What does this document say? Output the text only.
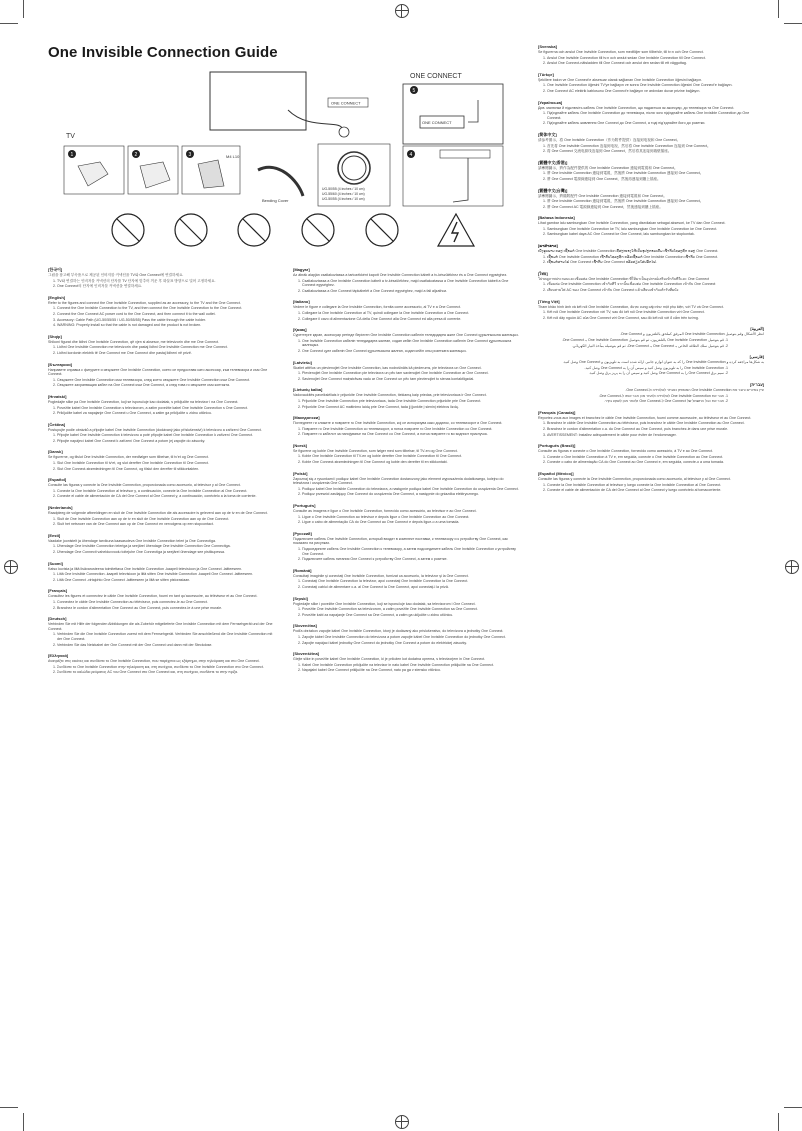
One Invisible Connection Guide
TV
ONE CONNECT
ONE CONNECT
ONE CONNECT
5
1	2	3	M4 L10
Bending Cover
UG-50/55 (4 inches / 10 cm)
UG-55/60 (4 inches / 10 cm)
UG-50/55 (4 inches / 10 cm)
4
[한국어]

그림을 참고해 부속품으로 제공된 인비저블 커넥션을 TV와 One Connect에 연결하세요.

1. TV와 연결하는 인비저블 커넥션의 단자를 TV 단자에 맞추어 끼운 후 화살표 방향으로 밀어 고정하세요.
2. One Connect의 단자에 인비저블 커넥션을 연결하세요.
[English]

Refer to the figures and connect the One Invisible Connection, supplied as an accessory, to the TV and the One Connect.

1. Connect the One Invisible Connection to the TV, and then connect the One Invisible Connection to the One Connect.
2. Connect the One Connect AC power cord to the One Connect, and then connect it to the wall outlet.
3. Accessory: Cable Path (UG-50/55/55 / UG-50/55/55) Pass the cable through the cable holder.
4. WARNING: Properly install so that the cable is not damaged and the product is not broken.
[Shqip]

Shikoni figurat dhe lidhni One Invisible Connection, që vjen si aksesor, me televizorin dhe me One Connect.

1. Lidhni One Invisible Connection me televizorin dhe pastaj lidhni One Invisible Connection me One Connect.
2. Lidhni kordonin elektrik të One Connect me One Connect dhe pastaj lidheni në prizë.
[Български]

Направете справка с фигурите и свържете One Invisible Connection, което се предоставя като аксесоар, към телевизора и към One Connect.

1. Свържете One Invisible Connection към телевизора, след което свържете One Invisible Connection към One Connect.
2. Свържете захранващия кабел на One Connect към One Connect, а след това го свържете към контакта.
[Hrvatski]

Pogledajte slike pa One Invisible Connection, koji se isporučuje kao dodatak, s priključite na televizor i na One Connect.

1. Povežite kabel One Invisible Connection s televizorom, a zatim povežite kabel One Invisible Connection s One Connect.
2. Priključite kabel za napajanje One Connect u One Connect, a zatim ga priključite u zidnu utičnicu.
[Čeština]

Postupujte podle obrázků a připojte kabel One Invisible Connection (dodávaný jako příslušenství) k televizoru a zařízení One Connect.

1. Připojte kabel One Invisible Connection k televizoru a poté připojte kabel One Invisible Connection k zařízení One Connect.
2. Připojte napájecí kabel One Connect k zařízení One Connect a potom jej zapojte do zásuvky.
[Dansk]

Se figurerne, og tilslut One Invisible Connection, der medfølger som tilbehør, til tv'et og One Connect.

1. Slut One Invisible Connection til tv'et, og slut derefter One Invisible Connection til One Connect.
2. Slut One Connect-strømledningen til One Connect, og tilslut den derefter til stikkontakten.
[Español]

Consulte las figuras y conecte la One Invisible Connection, proporcionada como accesorio, al televisor y al One Connect.

1. Conecte la One Invisible Connection al televisor y, a continuación, conecte la One Invisible Connection al One Connect.
2. Conecte el cable de alimentación de CA del One Connect al One Connect y, a continuación, conéctelo a la toma de corriente.
[Nederlands]

Raadpleeg de volgende afbeeldingen en sluit de One Invisible Connection die als accessoire is geleverd aan op de tv en de One Connect.

1. Sluit de One Invisible Connection aan op de tv en sluit de One Invisible Connection aan op de One Connect.
2. Sluit het netsnoer van de One Connect aan op de One Connect en vervolgens op een stopcontact.
[Eesti]

Vaadake joonistelt ja ühendage tarvikuna kaasasoleva One Invisible Connection teleri ja One Connectiga.

1. Ühendage One Invisible Connection teleriga ja seejärel ühendage One Invisible Connection One Connectiga.
2. Ühendage One Connecti vahelduvvoolu toitejuhe One Connectiga ja seejärel ühendage see pistikupessa.
[Suomi]

Katso kuvista ja liitä lisävarusteena toimitettava One Invisible Connection -kaapeli televisioon ja One Connect -laitteeseen.

1. Liitä One Invisible Connection -kaapeli televisioon ja liitä sitten One Invisible Connection -kaapeli One Connect -laitteeseen.
2. Liitä One Connect -virtajohto One Connect -laitteeseen ja liitä se sitten pistorasiaan.
[Français]

Consultez les figures et connectez le câble One Invisible Connection, fourni en tant qu'accessoire, au téléviseur et au One Connect.

1. Connectez le câble One Invisible Connection au téléviseur, puis connectez-le au One Connect.
2. Branchez le cordon d'alimentation One Connect au One Connect, puis connectez-le à une prise murale.
[Deutsch]

Verbinden Sie mit Hilfe der folgenden Abbildungen die als Zubehör mitgelieferte One Invisible Connection mit dem Fernsehgerät und der One Connect.

1. Verbinden Sie die One Invisible Connection zuerst mit dem Fernsehgerät. Verbinden Sie anschließend die One Invisible Connection mit der One Connect.
2. Verbinden Sie das Netzkabel der One Connect mit der One Connect und dann mit der Steckdose.
[Ελληνικά]

Ανατρέξτε στις εικόνες και συνδέστε το One Invisible Connection, που παρέχεται ως εξάρτημα, στην τηλεόραση και στο One Connect.

1. Συνδέστε το One Invisible Connection στην τηλεόραση και, στη συνέχεια, συνδέστε το One Invisible Connection στο One Connect.
2. Συνδέστε το καλώδιο ρεύματος AC του One Connect στο One Connect και, στη συνέχεια, συνδέστε το στην πρίζα.
[Magyar]

Az ábrák alapján csatlakoztassa a tartozékként kapott One Invisible Connection kábelt a tv-készülékhez és a One Connect egységhez.

1. Csatlakoztassa a One Invisible Connection kábelt a tv-készülékhez, majd csatlakoztassa a One Invisible Connection kábelt a One Connect egységhez.
2. Csatlakoztassa a One Connect tápkábelét a One Connect egységhez, majd a fali aljzathoz.
[Italiano]

Vedere le figure e collegare la One Invisible Connection, fornita come accessorio, al TV e a One Connect.

1. Collegare la One Invisible Connection al TV, quindi collegare la One Invisible Connection a One Connect.
2. Collegare il cavo di alimentazione CA della One Connect alla One Connect ed alla presa di corrente.
[Қазақ]

Суреттерге қарап, аксессуар ретінде берілген One Invisible Connection кабелін теледидарға және One Connect құрылғысына жалғаңыз.

1. One Invisible Connection кабелін теледидарға жалғап, содан кейін One Invisible Connection кабелін One Connect құрылғысына жалғаңыз.
2. One Connect қуат кабелін One Connect құрылғысына жалғап, содан кейін оны розеткаға жалғаңыз.
[Latviešu]

Skatiet attēlus un pievienojiet One Invisible Connection, kas nodrošināts kā piederums, pie televizora un One Connect.

1. Pievienojiet One Invisible Connection pie televizora un pēc tam savienojiet One Invisible Connection ar One Connect.
2. Savienojiet One Connect maiņstrāvas vadu ar One Connect un pēc tam pievienojiet to sienas kontaktligzdai.
[Lietuvių kalba]

Vadovaukitės paveikslėliais ir prijunkite One Invisible Connection, tiekiamą kaip priedas, prie televizoriaus ir One Connect.

1. Prijunkite One Invisible Connection prie televizoriaus, tada One Invisible Connection prijunkite prie One Connect.
2. Prijunkite One Connect AC maitinimo laidą prie One Connect, tada jį įjunkite į sieninį elektros lizdą.
[Македонски]

Погледнете ги сликите и поврзете го One Invisible Connection, кој се испорачува како додаток, со телевизорот и One Connect.

1. Поврзете го One Invisible Connection со телевизорот, а потоа поврзете го One Invisible Connection со One Connect.
2. Поврзете го кабелот за напојување на One Connect со One Connect, а потоа поврзете го во ѕидниот приклучок.
[Norsk]

Se figurene og koble One Invisible Connection, som følger med som tilbehør, til TV-en og One Connect.

1. Koble One Invisible Connection til TV-en og koble deretter One Invisible Connection til One Connect.
2. Koble One Connect-strømledningen til One Connect og koble den deretter til en stikkontakt.
[Polski]

Zapoznaj się z rysunkami i podłącz kabel One Invisible Connection dostarczony jako element wyposażenia dodatkowego, kolejno do telewizora i urządzenia One Connect.

1. Podłącz kabel One Invisible Connection do telewizora, a następnie podłącz kabel One Invisible Connection do urządzenia One Connect.
2. Podłącz przewód zasilający One Connect do urządzenia One Connect, a następnie do gniazdka elektrycznego.
[Português]

Consulte as imagens e ligue o One Invisible Connection, fornecido como acessório, ao televisor e ao One Connect.

1. Ligue o One Invisible Connection ao televisor e depois ligue o One Invisible Connection ao One Connect.
2. Ligue o cabo de alimentação CA do One Connect ao One Connect e depois ligue-o a uma tomada.
[Русский]

Подключите кабель One Invisible Connection, который входит в комплект поставки, к телевизору и к устройству One Connect, как показано на рисунках.

1. Подсоедините кабель One Invisible Connection к телевизору, а затем подсоедините кабель One Invisible Connection к устройству One Connect.
2. Подключите кабель питания One Connect к устройству One Connect, а затем к розетке.
[Română]

Consultaţi imaginile şi conectaţi One Invisible Connection, furnizat ca accesoriu, la televizor şi la One Connect.

1. Conectaţi One Invisible Connection la televizor, apoi conectaţi One Invisible Connection la One Connect.
2. Conectaţi cablul de alimentare c.a. al One Connect la One Connect, apoi conectaţi-l la priză.
[Srpski]

Pogledajte slike i povežite One Invisible Connection, koji se isporučuje kao dodatak, sa televizorom i One Connect.

1. Povežite One Invisible Connection sa televizorom, a zatim povežite One Invisible Connection sa One Connect.
2. Povežite kabl za napajanje One Connect sa One Connect, a zatim ga uključite u zidnu utičnicu.
[Slovenčina]

Podľa obrázkov zapojte kábel One Invisible Connection, ktorý je dodávaný ako príslušenstvo, do televízora a jednotky One Connect.

1. Zapojte kábel One Invisible Connection do televízora a potom zapojte kábel One Invisible Connection do jednotky One Connect.
2. Zapojte napájací kábel jednotky One Connect do jednotky One Connect a potom do elektrickej zásuvky.
[Slovenščina]

Glejte slike in povežite kabel One Invisible Connection, ki je priložen kot dodatna oprema, s televizorjem in One Connect.

1. Kabel One Invisible Connection priključite na televizor in nato kabel One Invisible Connection priključite na One Connect.
2. Napajalni kabel One Connect priključite na One Connect, nato pa ga v stensko vtičnico.
[Svenska]

Se figurerna och anslut One Invisible Connection, som medföljer som tillbehör, till tv:n och One Connect.

1. Anslut One Invisible Connection till tv:n och anslut sedan One Invisible Connection till One Connect.
2. Anslut One Connect-nätsladden till One Connect och anslut den sedan till ett vägguttag.
[Türkçe]

Şekillere bakın ve One Connect'e aksesuar olarak sağlanan One Invisible Connection öğesini bağlayın.

1. One Invisible Connection öğesini TV'ye bağlayın ve sonra One Invisible Connection öğesini One Connect'e bağlayın.
2. One Connect AC elektrik kablosunu One Connect'e bağlayın ve ardından duvar prizine bağlayın.
[Українська]

Див. малюнки й підключіть кабель One Invisible Connection, що надається як аксесуар, до телевізора та One Connect.

1. Під'єднайте кабель One Invisible Connection до телевізора, після чого під'єднайте кабель One Invisible Connection до One Connect.
2. Під'єднайте кабель живлення One Connect до One Connect, а тоді під'єднайте його до розетки.
[简体中文]

请参考图示，将 One Invisible Connection（作为附件提供）连接到电视和 One Connect。

1. 首先将 One Invisible Connection 连接到电视，然后将 One Invisible Connection 连接到 One Connect。
2. 将 One Connect 交流电源线连接到 One Connect，然后将其连接到墙壁插座。
[繁體中文(香港)]

請參閱圖示，將作為配件提供的 One Invisible Connection 連接到電視和 One Connect。

1. 將 One Invisible Connection 連接到電視，然後將 One Invisible Connection 連接到 One Connect。
2. 將 One Connect 電源線連接到 One Connect，然後再連接到牆上插座。
[繁體中文(台灣)]

請參閱圖示，將隨附配件 One Invisible Connection 連接到電視和 One Connect。

1. 將 One Invisible Connection 連接到電視，然後將 One Invisible Connection 連接到 One Connect。
2. 將 One Connect AC 電源線連接到 One Connect，然後連接到牆上插座。
[Bahasa Indonesia]

Lihat gambar lalu sambungkan One Invisible Connection, yang disediakan sebagai aksesori, ke TV dan One Connect.

1. Sambungkan One Invisible Connection ke TV, lalu sambungkan One Invisible Connection ke One Connect.
2. Sambungkan kabel daya AC One Connect ke One Connect, lalu sambungkan ke stopkontak.
[ພາສາລາວ]

ເບິ່ງຮູບພາບ ແລະ ເຊື່ອມຕໍ່ One Invisible Connection ທີ່ສະໜອງໃຫ້ເປັນອຸປະກອນເສີມ ເຂົ້າກັບໂທລະທັດ ແລະ One Connect.

1. ເຊື່ອມຕໍ່ One Invisible Connection ເຂົ້າກັບໂທລະທັດ ແລ້ວເຊື່ອມຕໍ່ One Invisible Connection ເຂົ້າກັບ One Connect.
2. ເຊື່ອມຕໍ່ສາຍໄຟ One Connect ເຂົ້າກັບ One Connect ແລ້ວສຽບໃສ່ປລັກໄຟ.
[ไทย]

โปรดดูภาพประกอบและเชื่อมต่อ One Invisible Connection ที่ให้มาเป็นอุปกรณ์เสริมเข้ากับทีวีและ One Connect

1. เชื่อมต่อ One Invisible Connection เข้ากับทีวี จากนั้นเชื่อมต่อ One Invisible Connection เข้ากับ One Connect
2. เสียบสายไฟ AC ของ One Connect เข้ากับ One Connect แล้วเสียบเข้ากับเต้ารับที่ผนัง
[Tiếng Việt]

Tham khảo hình ảnh và kết nối One Invisible Connection, được cung cấp như một phụ kiện, với TV và One Connect.

1. Kết nối One Invisible Connection với TV, sau đó kết nối One Invisible Connection với One Connect.
2. Kết nối dây nguồn AC của One Connect với One Connect, sau đó kết nối với ổ cắm trên tường.
[العربية]

انظر الأشكال وقم بتوصيل One Invisible Connection المرفق كملحق بالتلفزيون و One Connect.

1. قم بتوصيل One Invisible Connection بالتلفزيون، ثم قم بتوصيل One Invisible Connection بـ One Connect.
2. قم بتوصيل سلك الطاقة الخاص بـ One Connect بـ One Connect، ثم قم بتوصيله بمأخذ التيار الكهربائي.
[فارسی]

به شکل‌ها مراجعه کرده و One Invisible Connection را که به عنوان لوازم جانبی ارائه شده است به تلویزیون و One Connect وصل کنید.

1. One Invisible Connection را به تلویزیون وصل کنید و سپس آن را به One Connect وصل کنید.
2. سیم برق One Connect را به One Connect وصل کنید و سپس آن را به پریز برق وصل کنید.
[עברית]

עיין באיורים וחבר את One Invisible Connection המסופק כאביזר לטלוויזיה ול-One Connect.

1. חבר את One Invisible Connection לטלוויזיה ולאחר מכן חבר אותו ל-One Connect.
2. חבר את כבל החשמל של One Connect ל-One Connect ולאחר מכן לשקע בקיר.
[Français (Canada)]

Reportez-vous aux images et branchez le câble One Invisible Connection, fourni comme accessoire, au téléviseur et au One Connect.

1. Branchez le câble One Invisible Connection au téléviseur, puis branchez le câble One Invisible Connection au One Connect.
2. Branchez le cordon d'alimentation c.a. du One Connect au One Connect, puis branchez-le dans une prise murale.
3. AVERTISSEMENT: Installez adéquatement le câble pour éviter de l'endommager.
[Português (Brasil)]

Consulte as figuras e conecte o One Invisible Connection, fornecido como acessório, à TV e ao One Connect.

1. Conecte o One Invisible Connection à TV e, em seguida, conecte o One Invisible Connection ao One Connect.
2. Conecte o cabo de alimentação CA do One Connect ao One Connect e, em seguida, conecte-o a uma tomada.
[Español (México)]

Consulte las figuras y conecte la One Invisible Connection, proporcionada como accesorio, al televisor y al One Connect.

1. Conecte la One Invisible Connection al televisor y luego conecte la One Invisible Connection al One Connect.
2. Conecte el cable de alimentación de CA del One Connect al One Connect y luego conéctelo al tomacorriente.
